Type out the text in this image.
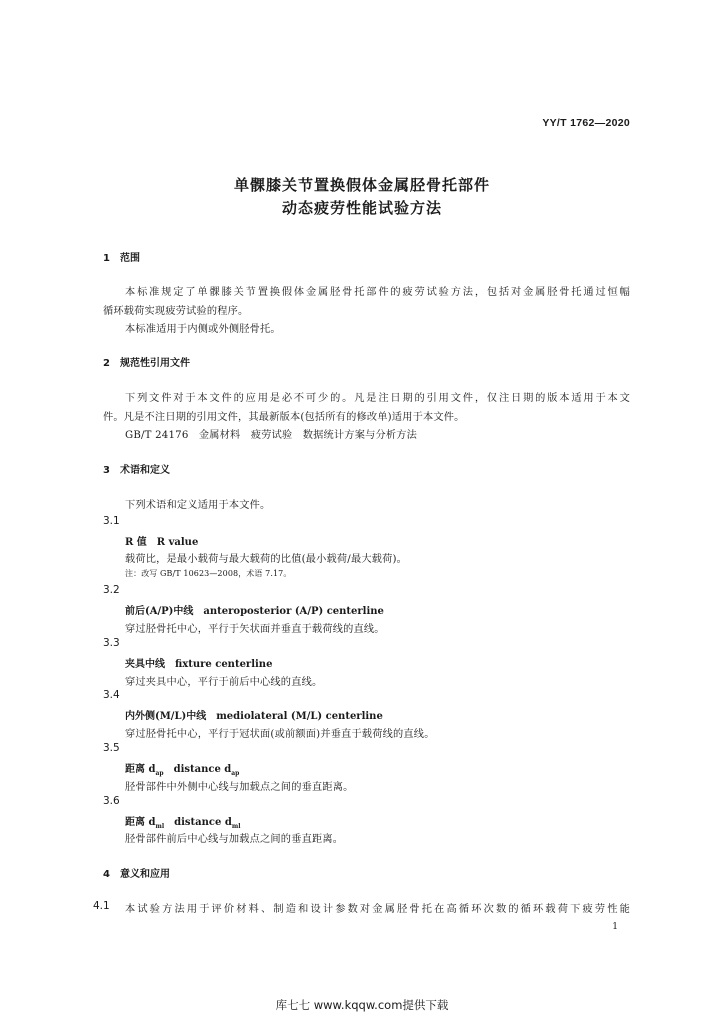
YY/T 1762—2020
单髁膝关节置换假体金属胫骨托部件
动态疲劳性能试验方法
1　范围
本标准规定了单髁膝关节置换假体金属胫骨托部件的疲劳试验方法，包括对金属胫骨托通过恒幅
循环载荷实现疲劳试验的程序。
本标准适用于内侧或外侧胫骨托。
2　规范性引用文件
下列文件对于本文件的应用是必不可少的。凡是注日期的引用文件，仅注日期的版本适用于本文
件。凡是不注日期的引用文件，其最新版本(包括所有的修改单)适用于本文件。
GB/T 24176　金属材料　疲劳试验　数据统计方案与分析方法
3　术语和定义
下列术语和定义适用于本文件。
3.1
R 值　R value
载荷比，是最小载荷与最大载荷的比值(最小载荷/最大载荷)。
注：改写 GB/T 10623—2008，术语 7.17。
3.2
前后(A/P)中线　anteroposterior (A/P) centerline
穿过胫骨托中心，平行于矢状面并垂直于载荷线的直线。
3.3
夹具中线　fixture centerline
穿过夹具中心，平行于前后中心线的直线。
3.4
内外侧(M/L)中线　mediolateral (M/L) centerline
穿过胫骨托中心，平行于冠状面(或前额面)并垂直于载荷线的直线。
3.5
距离 $d_{ap}$　distance $d_{ap}$
胫骨部件中外侧中心线与加载点之间的垂直距离。
3.6
距离 $d_{ml}$　distance $d_{ml}$
胫骨部件前后中心线与加载点之间的垂直距离。
4　意义和应用
4.1 本试验方法用于评价材料、制造和设计参数对金属胫骨托在高循环次数的循环载荷下疲劳性能
1
库七七 www.kqqw.com提供下载
